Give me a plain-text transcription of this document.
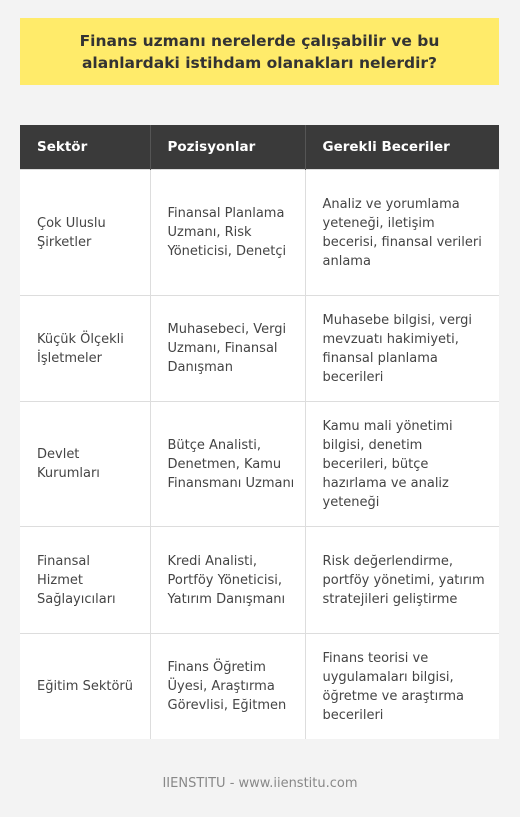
Finans uzmanı nerelerde çalışabilir ve bu alanlardaki istihdam olanakları nelerdir?
Sektör	Pozisyonlar	Gerekli Beceriler
Çok Uluslu Şirketler	Finansal Planlama Uzmanı, Risk Yöneticisi, Denetçi	Analiz ve yorumlama yeteneği, iletişim becerisi, finansal verileri anlama
Küçük Ölçekli İşletmeler	Muhasebeci, Vergi Uzmanı, Finansal Danışman	Muhasebe bilgisi, vergi mevzuatı hakimiyeti, finansal planlama becerileri
Devlet Kurumları	Bütçe Analisti, Denetmen, Kamu Finansmanı Uzmanı	Kamu mali yönetimi bilgisi, denetim becerileri, bütçe hazırlama ve analiz yeteneği
Finansal Hizmet Sağlayıcıları	Kredi Analisti, Portföy Yöneticisi, Yatırım Danışmanı	Risk değerlendirme, portföy yönetimi, yatırım stratejileri geliştirme
Eğitim Sektörü	Finans Öğretim Üyesi, Araştırma Görevlisi, Eğitmen	Finans teorisi ve uygulamaları bilgisi, öğretme ve araştırma becerileri
IIENSTITU - www.iienstitu.com
